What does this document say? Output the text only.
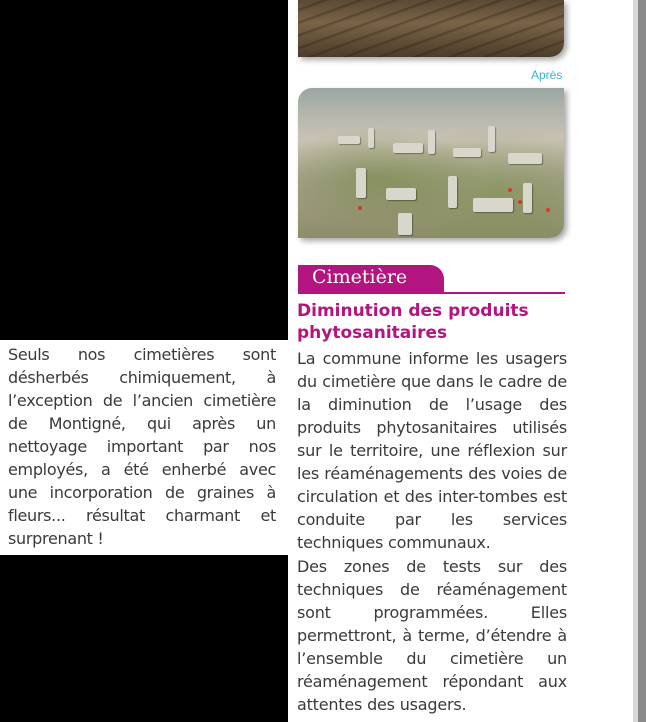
Après
Cimetière
Diminution des produits phytosanitaires
Seuls nos cimetières sont désherbés chimiquement, à l’exception de l’ancien cimetière de Montigné, qui après un nettoyage important par nos employés, a été enherbé avec une incorporation de graines à fleurs... résultat charmant et surprenant !
La commune informe les usagers du cimetière que dans le cadre de la diminution de l’usage des produits phytosanitaires utilisés sur le territoire, une réflexion sur les réaménagements des voies de circulation et des inter-tombes est conduite par les services techniques communaux.
Des zones de tests sur des techniques de réaménagement sont programmées. Elles permettront, à terme, d’étendre à l’ensemble du cimetière un réaménagement répondant aux attentes des usagers.
